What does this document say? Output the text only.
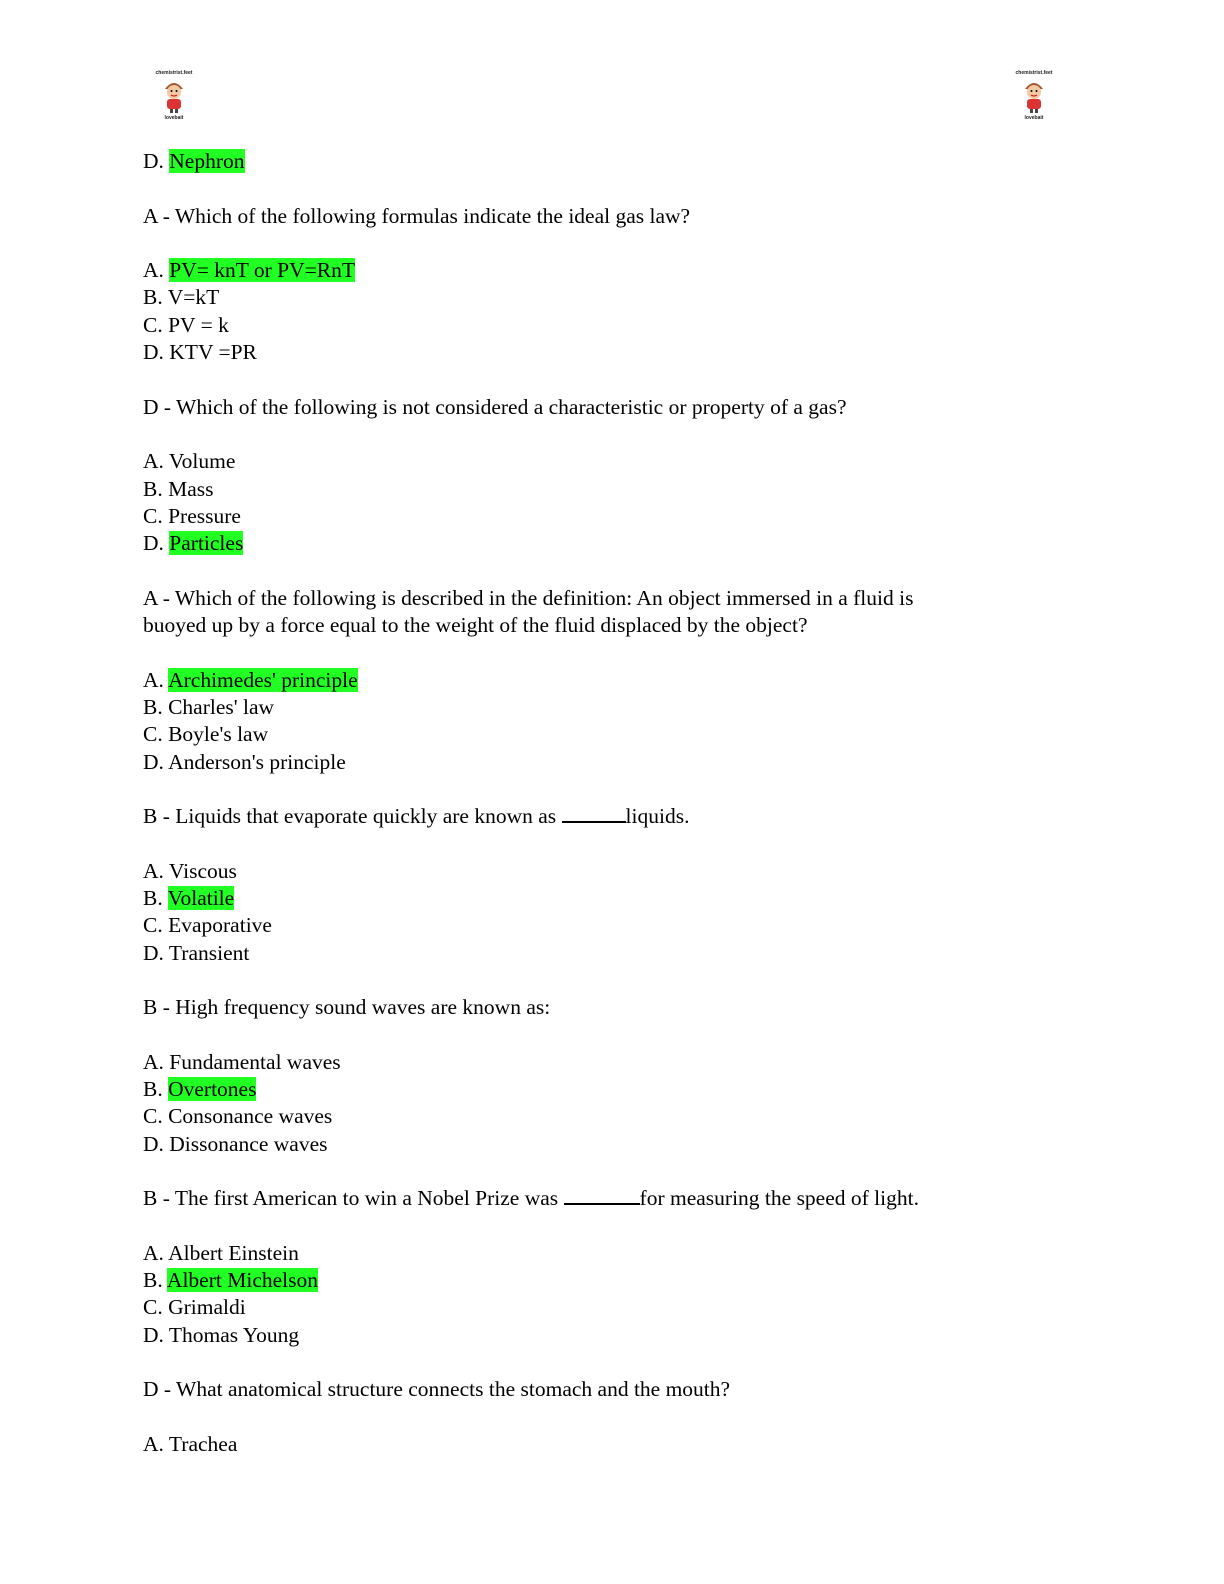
chemistrist.feet
lovebait
chemistrist.feet
lovebait
D. Nephron
A - Which of the following formulas indicate the ideal gas law?
A. PV= knT or PV=RnT
B. V=kT
C. PV = k
D. KTV =PR
D - Which of the following is not considered a characteristic or property of a gas?
A. Volume
B. Mass
C. Pressure
D. Particles
A - Which of the following is described in the definition: An object immersed in a fluid is
buoyed up by a force equal to the weight of the fluid displaced by the object?
A. Archimedes' principle
B. Charles' law
C. Boyle's law
D. Anderson's principle
B - Liquids that evaporate quickly are known as	liquids.
A. Viscous
B. Volatile
C. Evaporative
D. Transient
B - High frequency sound waves are known as:
A. Fundamental waves
B. Overtones
C. Consonance waves
D. Dissonance waves
B - The first American to win a Nobel Prize was	for measuring the speed of light.
A. Albert Einstein
B. Albert Michelson
C. Grimaldi
D. Thomas Young
D - What anatomical structure connects the stomach and the mouth?
A. Trachea
